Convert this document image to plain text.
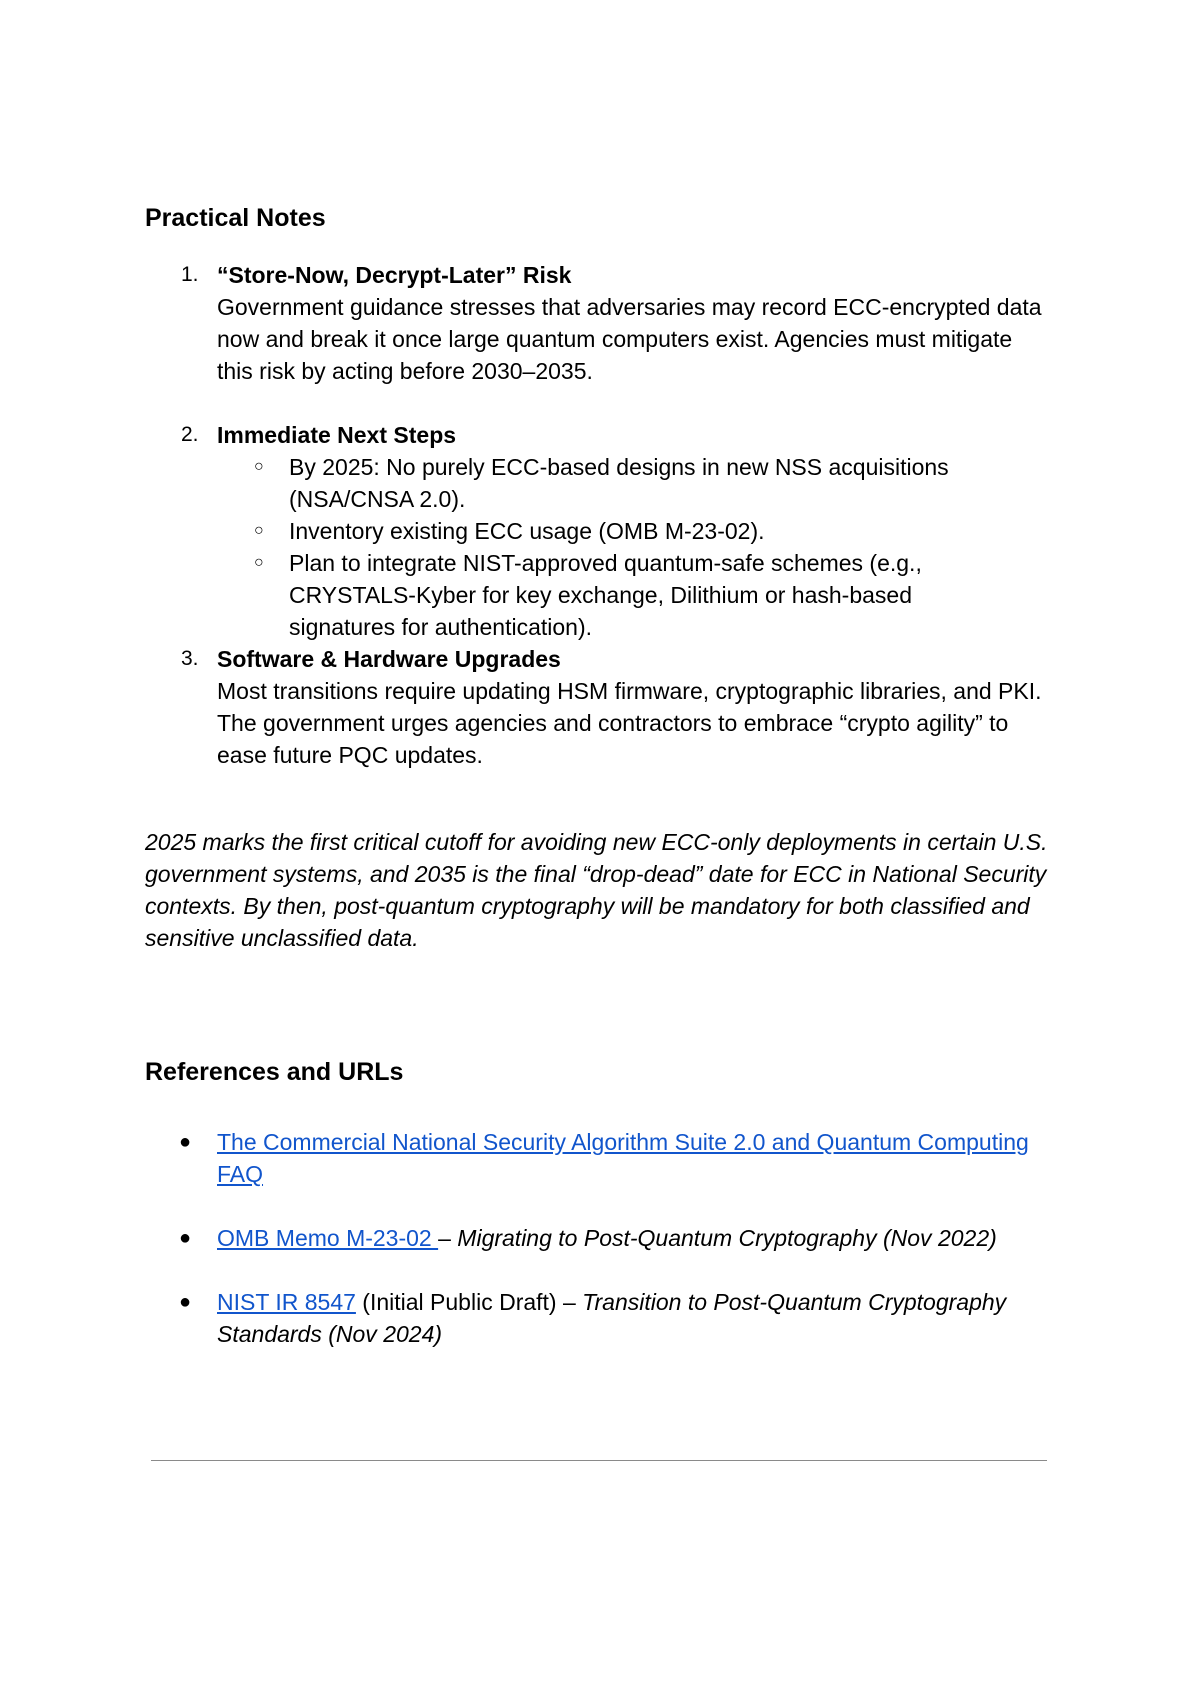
Practical Notes
1. “Store-Now, Decrypt-Later” Risk
Government guidance stresses that adversaries may record ECC-encrypted data now and break it once large quantum computers exist. Agencies must mitigate this risk by acting before 2030–2035.
2. Immediate Next Steps
○ By 2025: No purely ECC-based designs in new NSS acquisitions (NSA/CNSA 2.0).
○ Inventory existing ECC usage (OMB M-23-02).
○ Plan to integrate NIST-approved quantum-safe schemes (e.g., CRYSTALS-Kyber for key exchange, Dilithium or hash-based signatures for authentication).
3. Software & Hardware Upgrades
Most transitions require updating HSM firmware, cryptographic libraries, and PKI. The government urges agencies and contractors to embrace “crypto agility” to ease future PQC updates.

2025 marks the first critical cutoff for avoiding new ECC-only deployments in certain U.S. government systems, and 2035 is the final “drop-dead” date for ECC in National Security contexts. By then, post-quantum cryptography will be mandatory for both classified and sensitive unclassified data.

References and URLs
● The Commercial National Security Algorithm Suite 2.0 and Quantum Computing FAQ
● OMB Memo M-23-02 – Migrating to Post-Quantum Cryptography (Nov 2022)
● NIST IR 8547 (Initial Public Draft) – Transition to Post-Quantum Cryptography Standards (Nov 2024)
